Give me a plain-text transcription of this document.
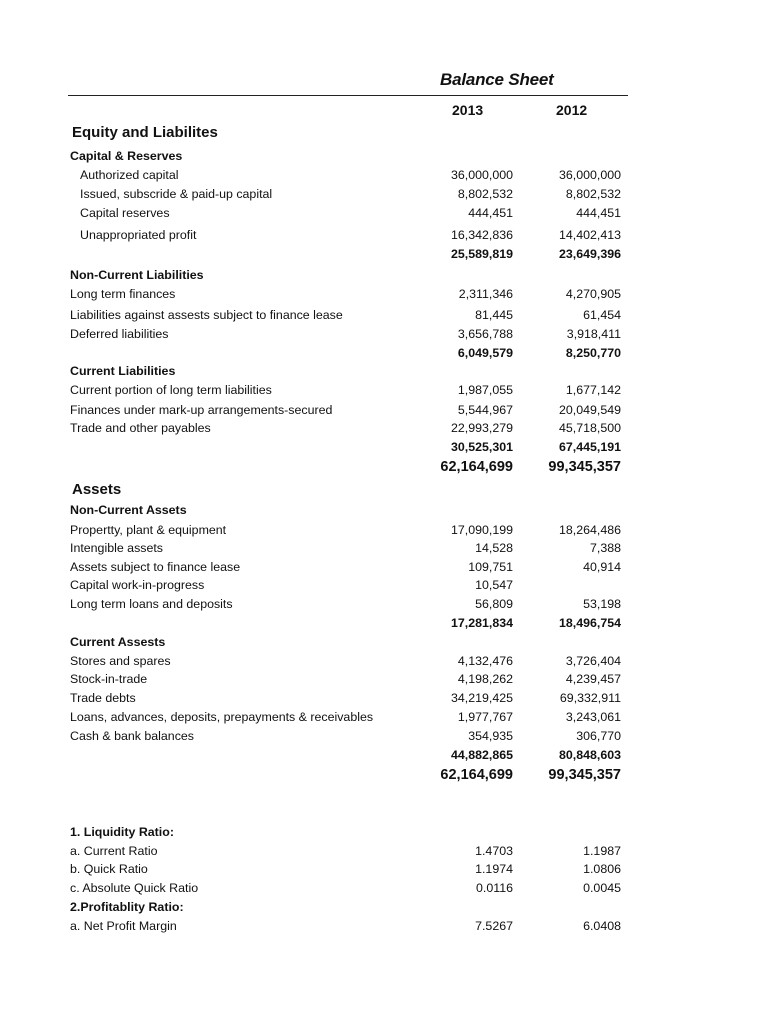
Balance Sheet
2013	2012
Equity and Liabilites
Capital & Reserves
Authorized capital	36,000,000	36,000,000
Issued, subscride & paid-up capital	8,802,532	8,802,532
Capital reserves	444,451	444,451
Unappropriated profit	16,342,836	14,402,413
25,589,819	23,649,396
Non-Current Liabilities
Long term finances	2,311,346	4,270,905
Liabilities against assests subject to finance lease	81,445	61,454
Deferred liabilities	3,656,788	3,918,411
6,049,579	8,250,770
Current Liabilities
Current portion of long term liabilities	1,987,055	1,677,142
Finances under mark-up arrangements-secured	5,544,967	20,049,549
Trade and other payables	22,993,279	45,718,500
30,525,301	67,445,191
62,164,699 99,345,357
Assets
Non-Current Assets
Propertty, plant & equipment	17,090,199	18,264,486
Intengible assets	14,528	7,388
Assets subject to finance lease	109,751	40,914
Capital work-in-progress	10,547
Long term loans and deposits	56,809	53,198
17,281,834	18,496,754
Current Assests
Stores and spares	4,132,476	3,726,404
Stock-in-trade	4,198,262	4,239,457
Trade debts	34,219,425	69,332,911
Loans, advances, deposits, prepayments & receivables	1,977,767	3,243,061
Cash & bank balances	354,935	306,770
44,882,865	80,848,603
62,164,699 99,345,357
1. Liquidity Ratio:
a. Current Ratio	1.4703	1.1987
b. Quick Ratio	1.1974	1.0806
c. Absolute Quick Ratio	0.0116	0.0045
2.Profitablity Ratio:
a. Net Profit Margin	7.5267	6.0408
